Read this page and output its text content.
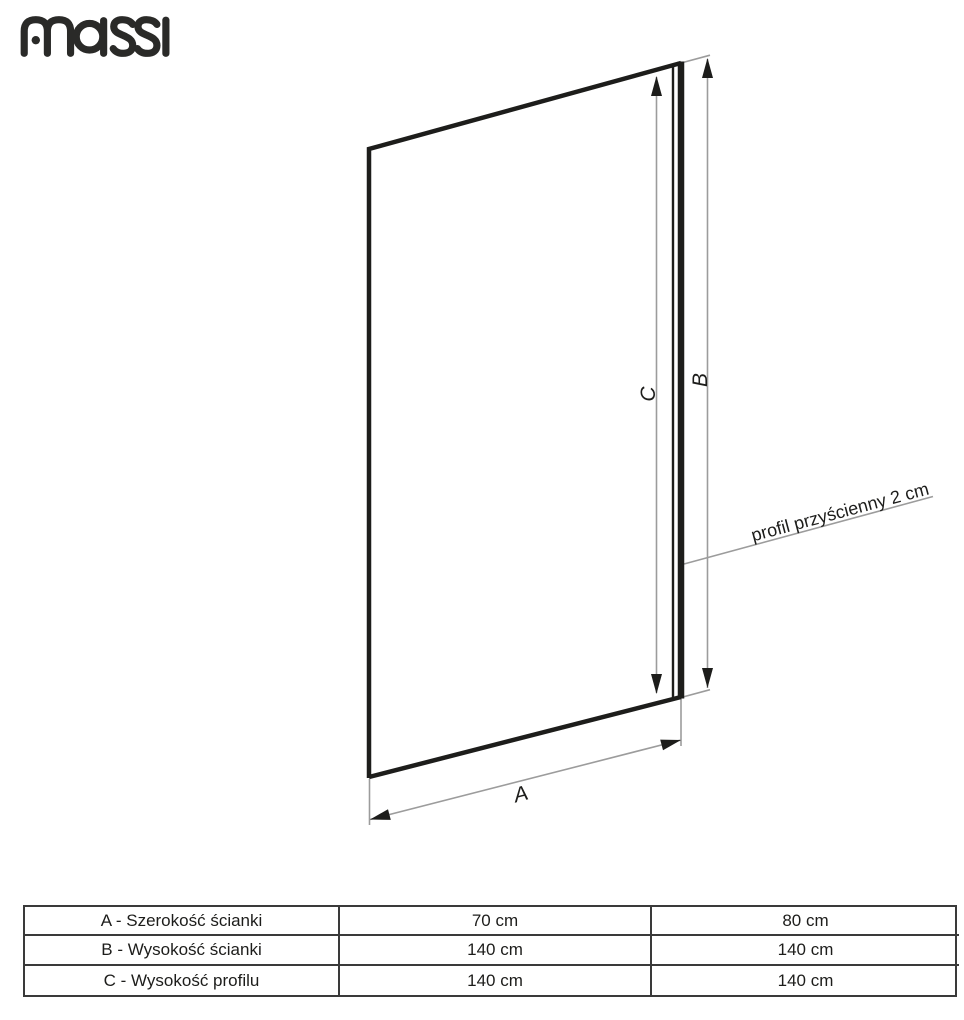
C
B
A
profil przyścienny 2 cm
A - Szerokość ścianki	70 cm	80 cm
B - Wysokość ścianki	140 cm	140 cm
C - Wysokość profilu	140 cm	140 cm
